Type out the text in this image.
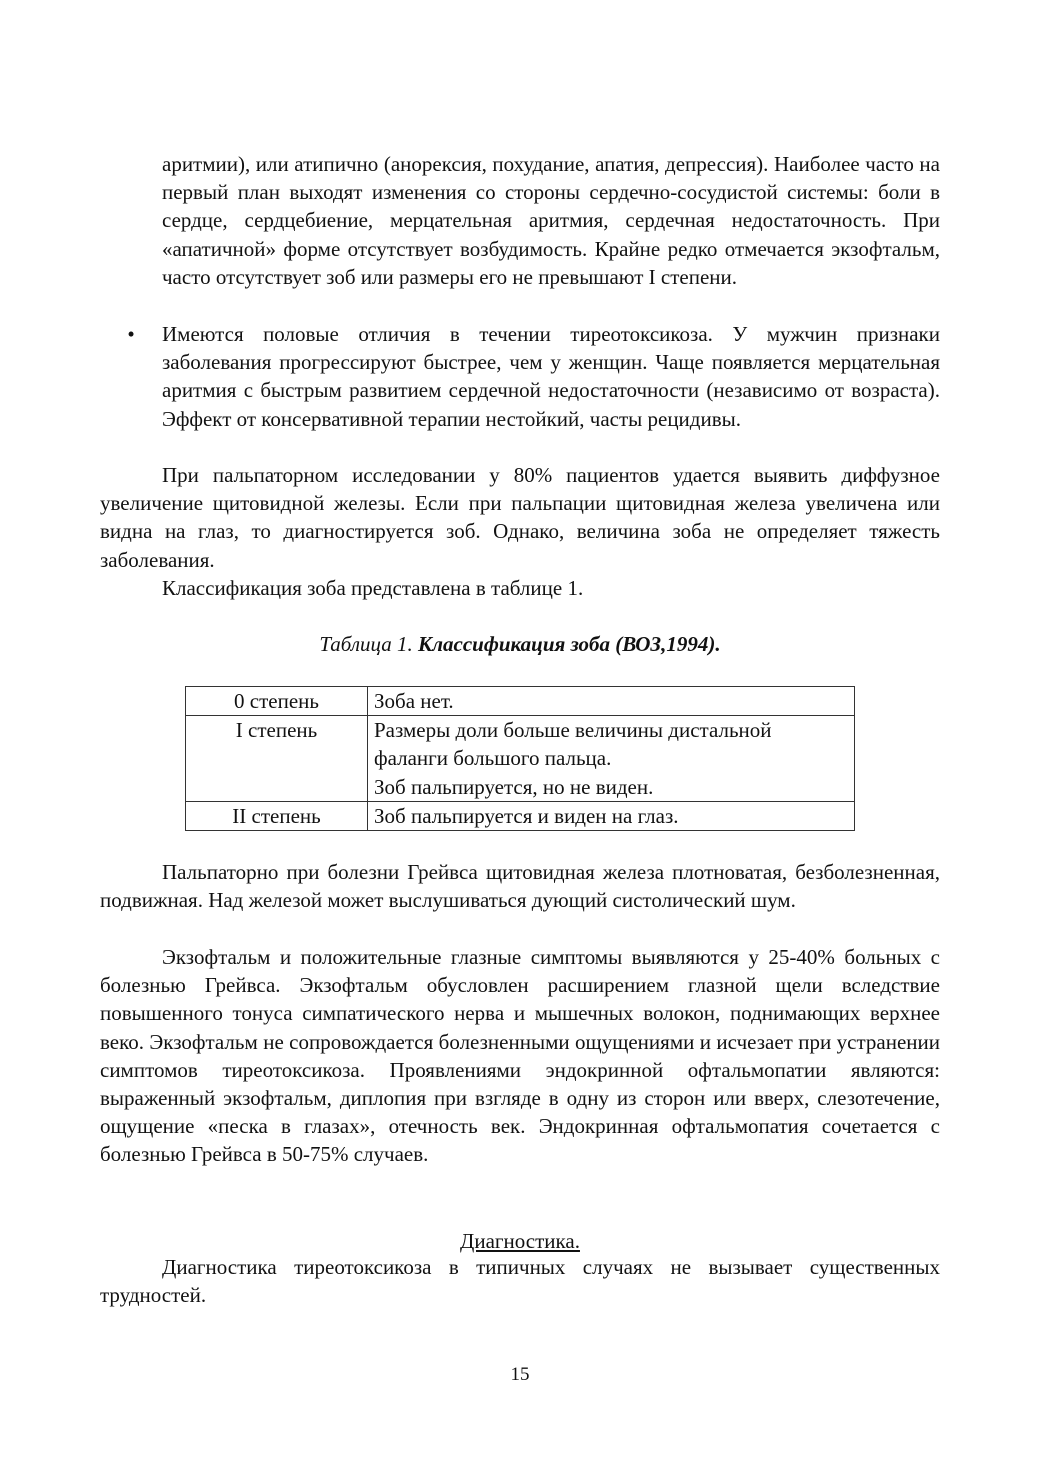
аритмии), или атипично (анорексия, похудание, апатия, депрессия). Наиболее часто на первый план выходят изменения со стороны сердечно-сосудистой системы: боли в сердце, сердцебиение, мерцательная аритмия, сердечная недостаточность. При «апатичной» форме отсутствует возбудимость. Крайне редко отмечается экзофтальм, часто отсутствует зоб или размеры его не превышают I степени.
• Имеются половые отличия в течении тиреотоксикоза. У мужчин признаки заболевания прогрессируют быстрее, чем у женщин. Чаще появляется мерцательная аритмия с быстрым развитием сердечной недостаточности (независимо от возраста). Эффект от консервативной терапии нестойкий, часты рецидивы.
При пальпаторном исследовании у 80% пациентов удается выявить диффузное увеличение щитовидной железы. Если при пальпации щитовидная железа увеличена или видна на глаз, то диагностируется зоб. Однако, величина зоба не определяет тяжесть заболевания.
Классификация зоба представлена в таблице 1.
Таблица 1. Классификация зоба (ВОЗ,1994).
0 степень	Зоба нет.

I степень	Размеры доли больше величины дистальной
фаланги большого пальца.
Зоб пальпируется, но не виден.

II степень	Зоб пальпируется и виден на глаз.
Пальпаторно при болезни Грейвса щитовидная железа плотноватая, безболезненная, подвижная. Над железой может выслушиваться дующий систолический шум.
Экзофтальм и положительные глазные симптомы выявляются у 25-40% больных с болезнью Грейвса. Экзофтальм обусловлен расширением глазной щели вследствие повышенного тонуса симпатического нерва и мышечных волокон, поднимающих верхнее веко. Экзофтальм не сопровождается болезненными ощущениями и исчезает при устранении симптомов тиреотоксикоза. Проявлениями эндокринной офтальмопатии являются: выраженный экзофтальм, диплопия при взгляде в одну из сторон или вверх, слезотечение, ощущение «песка в глазах», отечность век. Эндокринная офтальмопатия сочетается с болезнью Грейвса в 50-75% случаев.
Диагностика.
Диагностика тиреотоксикоза в типичных случаях не вызывает существенных трудностей.
15
